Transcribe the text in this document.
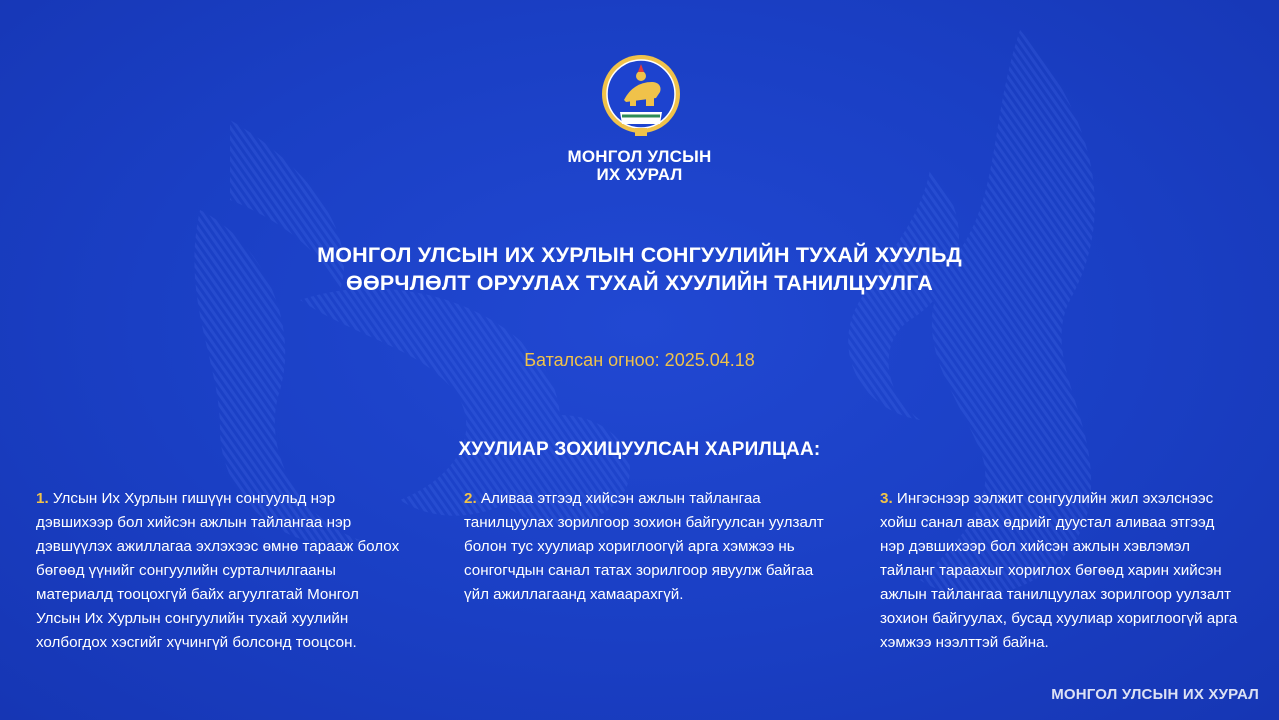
МОНГОЛ УЛСЫН
ИХ ХУРАЛ
МОНГОЛ УЛСЫН ИХ ХУРЛЫН СОНГУУЛИЙН ТУХАЙ ХУУЛЬД
ӨӨРЧЛӨЛТ ОРУУЛАХ ТУХАЙ ХУУЛИЙН ТАНИЛЦУУЛГА
Баталсан огноо: 2025.04.18
ХУУЛИАР ЗОХИЦУУЛСАН ХАРИЛЦАА:
1. Улсын Их Хурлын гишүүн сонгуульд нэр дэвшихээр бол хийсэн ажлын тайлангаа нэр дэвшүүлэх ажиллагаа эхлэхээс өмнө тарааж болох бөгөөд үүнийг сонгуулийн сурталчилгааны материалд тооцохгүй байх агуулгатай Монгол Улсын Их Хурлын сонгуулийн тухай хуулийн холбогдох хэсгийг хүчингүй болсонд тооцсон.
2. Аливаа этгээд хийсэн ажлын тайлангаа танилцуулах зорилгоор зохион байгуулсан уулзалт болон тус хуулиар хориглоогүй арга хэмжээ нь сонгогчдын санал татах зорилгоор явуулж байгаа үйл ажиллагаанд хамаарахгүй.
3. Ингэснээр ээлжит сонгуулийн жил эхэлснээс хойш санал авах өдрийг дуустал аливаа этгээд нэр дэвшихээр бол хийсэн ажлын хэвлэмэл тайланг тараахыг хориглох бөгөөд харин хийсэн ажлын тайлангаа танилцуулах зорилгоор уулзалт зохион байгуулах, бусад хуулиар хориглоогүй арга хэмжээ нээлттэй байна.
МОНГОЛ УЛСЫН ИХ ХУРАЛ
